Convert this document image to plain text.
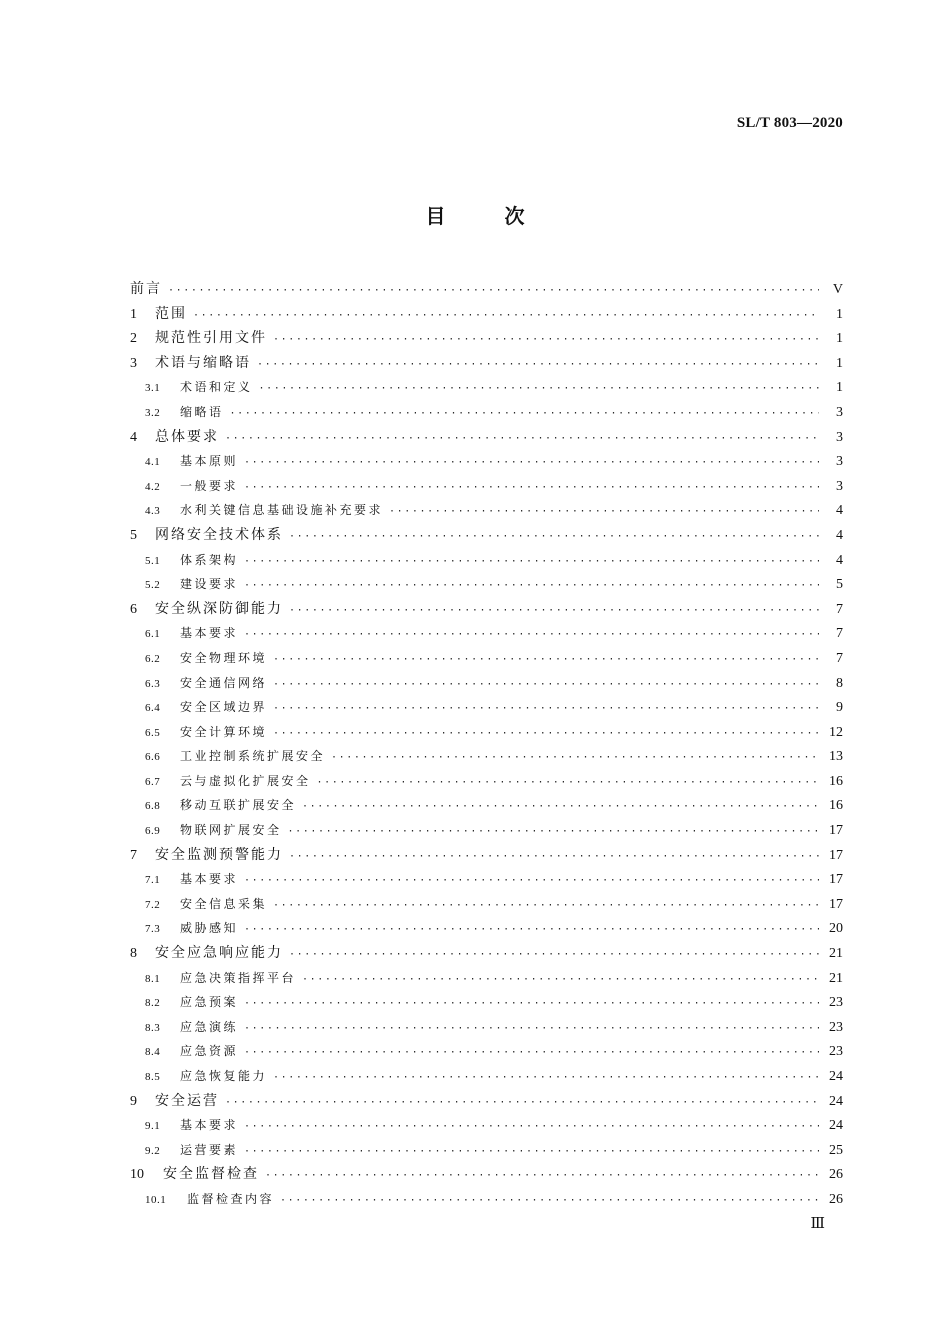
SL/T 803—2020
目	次
前言 ·····	V
1	范围 ·····	1
2	规范性引用文件 ·····	1
3	术语与缩略语 ·····	1
3.1	术语和定义 ·····	1
3.2	缩略语 ·····	3
4	总体要求 ·····	3
4.1	基本原则 ·····	3
4.2	一般要求 ·····	3
4.3	水利关键信息基础设施补充要求 ·····	4
5	网络安全技术体系 ·····	4
5.1	体系架构 ·····	4
5.2	建设要求 ·····	5
6	安全纵深防御能力 ·····	7
6.1	基本要求 ·····	7
6.2	安全物理环境 ·····	7
6.3	安全通信网络 ·····	8
6.4	安全区域边界 ·····	9
6.5	安全计算环境 ·····	12
6.6	工业控制系统扩展安全 ·····	13
6.7	云与虚拟化扩展安全 ·····	16
6.8	移动互联扩展安全 ·····	16
6.9	物联网扩展安全 ·····	17
7	安全监测预警能力 ·····	17
7.1	基本要求 ·····	17
7.2	安全信息采集 ·····	17
7.3	威胁感知 ·····	20
8	安全应急响应能力 ·····	21
8.1	应急决策指挥平台 ·····	21
8.2	应急预案 ·····	23
8.3	应急演练 ·····	23
8.4	应急资源 ·····	23
8.5	应急恢复能力 ·····	24
9	安全运营 ·····	24
9.1	基本要求 ·····	24
9.2	运营要素 ·····	25
10	安全监督检查 ·····	26
10.1	监督检查内容 ·····	26
Ⅲ
